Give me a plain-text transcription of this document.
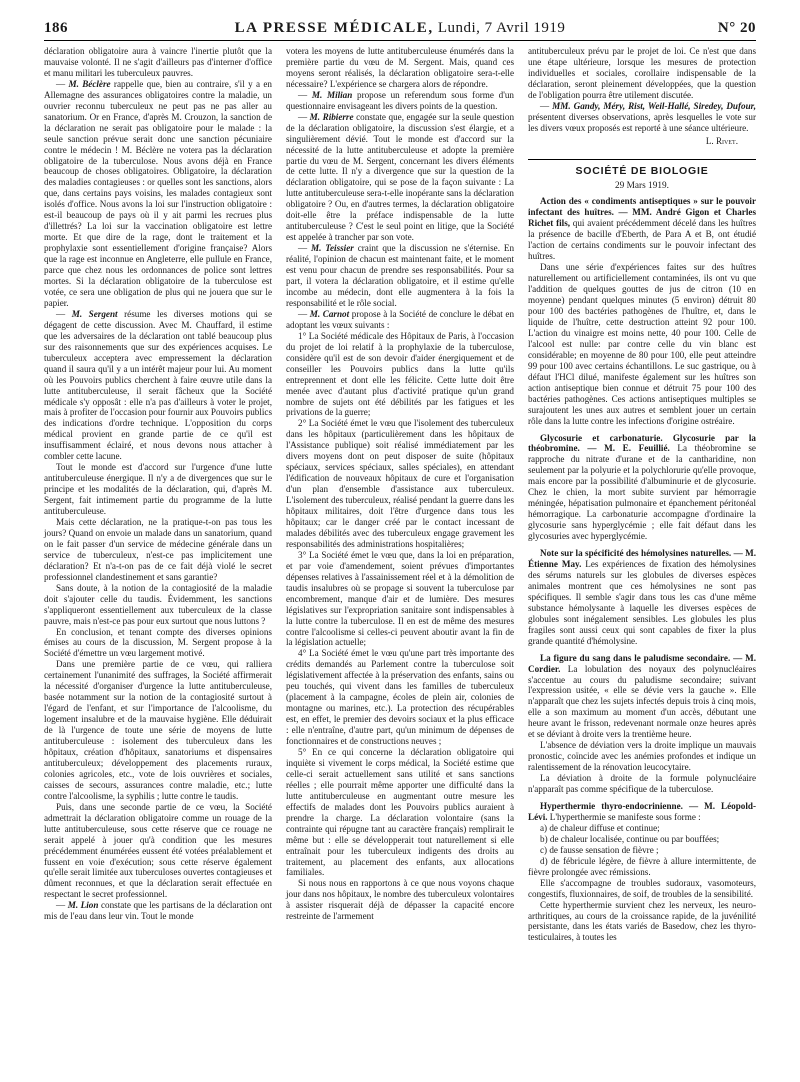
186	LA PRESSE MÉDICALE, Lundi, 7 Avril 1919	N° 20

déclaration obligatoire aura à vaincre l'inertie plutôt que la mauvaise volonté. Il ne s'agit d'ailleurs pas d'interner d'office et manu militari les tuberculeux pauvres.

— M. Béclère rappelle que, bien au contraire, s'il y a en Allemagne des assurances obligatoires contre la maladie, un ouvrier reconnu tuberculeux ne peut pas ne pas aller au sanatorium. Or en France, d'après M. Crouzon, la sanction de la déclaration ne serait pas obligatoire pour le malade : la seule sanction prévue serait donc une sanction pécuniaire contre le médecin ! M. Béclère ne votera pas la déclaration obligatoire de la tuberculose. Nous avons déjà en France beaucoup de choses obligatoires. Obligatoire, la déclaration des maladies contagieuses : or quelles sont les sanctions, alors que, dans certains pays voisins, les malades contagieux sont isolés d'office. Nous avons la loi sur l'instruction obligatoire : est-il beaucoup de pays où il y ait parmi les recrues plus d'illettrés? La loi sur la vaccination obligatoire est lettre morte. Et que dire de la rage, dont le traitement et la prophylaxie sont essentiellement d'origine française? Alors que la rage est inconnue en Angleterre, elle pullule en France, parce que chez nous les ordonnances de police sont lettres mortes. Si la déclaration obligatoire de la tuberculose est votée, ce sera une obligation de plus qui ne jouera que sur le papier.

— M. Sergent résume les diverses motions qui se dégagent de cette discussion. Avec M. Chauffard, il estime que les adversaires de la déclaration ont tablé beaucoup plus sur des raisonnements que sur des expériences acquises. Le tuberculeux acceptera avec empressement la déclaration quand il saura qu'il y a un intérêt majeur pour lui. Au moment où les Pouvoirs publics cherchent à faire œuvre utile dans la lutte antituberculeuse, il serait fâcheux que la Société médicale s'y opposât : elle n'a pas d'ailleurs à voter le projet, mais à profiter de l'occasion pour fournir aux Pouvoirs publics des indications d'ordre technique. L'opposition du corps médical provient en grande partie de ce qu'il est insuffisamment éclairé, et nous devons nous attacher à combler cette lacune.

Tout le monde est d'accord sur l'urgence d'une lutte antituberculeuse énergique. Il n'y a de divergences que sur le principe et les modalités de la déclaration, qui, d'après M. Sergent, fait intimement partie du programme de la lutte antituberculeuse.

Mais cette déclaration, ne la pratique-t-on pas tous les jours? Quand on envoie un malade dans un sanatorium, quand on le fait passer d'un service de médecine générale dans un service de tuberculeux, n'est-ce pas implicitement une déclaration? Et n'a-t-on pas de ce fait déjà violé le secret professionnel clandestinement et sans garantie?

Sans doute, à la notion de la contagiosité de la maladie doit s'ajouter celle du taudis. Évidemment, les sanctions s'appliqueront essentiellement aux tuberculeux de la classe pauvre, mais n'est-ce pas pour eux surtout que nous luttons ?

En conclusion, et tenant compte des diverses opinions émises au cours de la discussion, M. Sergent propose à la Société d'émettre un vœu largement motivé.

Dans une première partie de ce vœu, qui ralliera certainement l'unanimité des suffrages, la Société affirmerait la nécessité d'organiser d'urgence la lutte antituberculeuse, basée notamment sur la notion de la contagiosité surtout à l'égard de l'enfant, et sur l'importance de l'alcoolisme, du logement insalubre et de la mauvaise hygiène. Elle déduirait de là l'urgence de toute une série de moyens de lutte antituberculeuse : isolement des tuberculeux dans les hôpitaux, création d'hôpitaux, sanatoriums et dispensaires antituberculeux; développement des placements ruraux, colonies agricoles, etc., vote de lois ouvrières et sociales, caisses de secours, assurances contre maladie, etc.; lutte contre l'alcoolisme, la syphilis ; lutte contre le taudis.

Puis, dans une seconde partie de ce vœu, la Société admettrait la déclaration obligatoire comme un rouage de la lutte antituberculeuse, sous cette réserve que ce rouage ne serait appelé à jouer qu'à condition que les mesures précédemment énumérées eussent été votées préalablement et fussent en voie d'exécution; sous cette réserve également qu'elle serait limitée aux tuberculoses ouvertes contagieuses et dûment reconnues, et que la déclaration serait effectuée en respectant le secret professionnel.

— M. Lion constate que les partisans de la déclaration ont mis de l'eau dans leur vin. Tout le monde

votera les moyens de lutte antituberculeuse énumérés dans la première partie du vœu de M. Sergent. Mais, quand ces moyens seront réalisés, la déclaration obligatoire sera-t-elle nécessaire? L'expérience se chargera alors de répondre.

— M. Milian propose un referendum sous forme d'un questionnaire envisageant les divers points de la question.

— M. Ribierre constate que, engagée sur la seule question de la déclaration obligatoire, la discussion s'est élargie, et a singulièrement dévié. Tout le monde est d'accord sur la nécessité de la lutte antituberculeuse et adopte la première partie du vœu de M. Sergent, concernant les divers éléments de cette lutte. Il n'y a divergence que sur la question de la déclaration obligatoire, qui se pose de la façon suivante : La lutte antituberculeuse sera-t-elle inopérante sans la déclaration obligatoire ? Ou, en d'autres termes, la déclaration obligatoire doit-elle être la préface indispensable de la lutte antituberculeuse ? C'est le seul point en litige, que la Société est appelée à trancher par son vote.

— M. Teissier craint que la discussion ne s'éternise. En réalité, l'opinion de chacun est maintenant faite, et le moment est venu pour chacun de prendre ses responsabilités. Pour sa part, il votera la déclaration obligatoire, et il estime qu'elle incombe au médecin, dont elle augmentera à la fois la responsabilité et le rôle social.

— M. Carnot propose à la Société de conclure le débat en adoptant les vœux suivants :

1° La Société médicale des Hôpitaux de Paris, à l'occasion du projet de loi relatif à la prophylaxie de la tuberculose, considère qu'il est de son devoir d'aider énergiquement et de conseiller les Pouvoirs publics dans la lutte qu'ils entreprennent et dont elle les félicite. Cette lutte doit être menée avec d'autant plus d'activité pratique qu'un grand nombre de sujets ont été débilités par les fatigues et les privations de la guerre;

2° La Société émet le vœu que l'isolement des tuberculeux dans les hôpitaux (particulièrement dans les hôpitaux de l'Assistance publique) soit réalisé immédiatement par les divers moyens dont on peut disposer de suite (hôpitaux spéciaux, services spéciaux, salles spéciales), en attendant l'édification de nouveaux hôpitaux de cure et l'organisation d'un plan d'ensemble d'assistance aux tuberculeux. L'isolement des tuberculeux, réalisé pendant la guerre dans les hôpitaux militaires, doit l'être d'urgence dans tous les hôpitaux; car le danger créé par le contact incessant de malades débilités avec des tuberculeux engage gravement les responsabilités des administrations hospitalières;

3° La Société émet le vœu que, dans la loi en préparation, et par voie d'amendement, soient prévues d'importantes dépenses relatives à l'assainissement réel et à la démolition de taudis insalubres où se propage si souvent la tuberculose par encombrement, manque d'air et de lumière. Des mesures législatives sur l'expropriation sanitaire sont indispensables à la lutte contre la tuberculose. Il en est de même des mesures contre l'alcoolisme si celles-ci peuvent aboutir avant la fin de la législation actuelle;

4° La Société émet le vœu qu'une part très importante des crédits demandés au Parlement contre la tuberculose soit législativement affectée à la préservation des enfants, sains ou peu touchés, qui vivent dans les familles de tuberculeux (placement à la campagne, écoles de plein air, colonies de montagne ou marines, etc.). La protection des récupérables est, en effet, le premier des devoirs sociaux et la plus efficace : elle n'entraîne, d'autre part, qu'un minimum de dépenses de fonctionnaires et de constructions neuves ;

5° En ce qui concerne la déclaration obligatoire qui inquiète si vivement le corps médical, la Société estime que celle-ci serait actuellement sans utilité et sans sanctions réelles ; elle pourrait même apporter une difficulté dans la lutte antituberculeuse en augmentant outre mesure les effectifs de malades dont les Pouvoirs publics auraient à prendre la charge. La déclaration volontaire (sans la contrainte qui répugne tant au caractère français) remplirait le même but : elle se développerait tout naturellement si elle entraînait pour les tuberculeux indigents des droits au traitement, au placement des enfants, aux allocations familiales.

Si nous nous en rapportons à ce que nous voyons chaque jour dans nos hôpitaux, le nombre des tuberculeux volontaires à assister risquerait déjà de dépasser la capacité encore restreinte de l'armement

antituberculeux prévu par le projet de loi. Ce n'est que dans une étape ultérieure, lorsque les mesures de protection individuelles et sociales, corollaire indispensable de la déclaration, seront pleinement développées, que la question de l'obligation pourra être utilement discutée.

— MM. Gandy, Méry, Rist, Weil-Hallé, Siredey, Dufour, présentent diverses observations, après lesquelles le vote sur les divers vœux proposés est reporté à une séance ultérieure.

L. Rivet.

SOCIÉTÉ DE BIOLOGIE

29 Mars 1919.

Action des « condiments antiseptiques » sur le pouvoir infectant des huîtres. — MM. André Gigon et Charles Richet fils, qui avaient précédemment décelé dans les huîtres la présence de bacille d'Eberth, de Para A et B, ont étudié l'action de certains condiments sur le pouvoir infectant des huîtres.

Dans une série d'expériences faites sur des huîtres naturellement ou artificiellement contaminées, ils ont vu que l'addition de quelques gouttes de jus de citron (10 en moyenne) pendant quelques minutes (5 environ) détruit 80 pour 100 des bactéries pathogènes de l'huître, et, dans le liquide de l'huître, cette destruction atteint 92 pour 100. L'action du vinaigre est moins nette, 40 pour 100. Celle de l'alcool est nulle: par contre celle du vin blanc est considérable; en moyenne de 80 pour 100, elle peut atteindre 99 pour 100 avec certains échantillons. Le suc gastrique, ou à défaut l'HCl dilué, manifeste également sur les huîtres son action antiseptique bien connue et détruit 75 pour 100 des bactéries pathogènes. Ces actions antiseptiques multiples se surajoutent les unes aux autres et semblent jouer un certain rôle dans la lutte contre les infections d'origine ostréaire.

Glycosurie et carbonaturie. Glycosurie par la théobromine. — M. E. Feuillié. La théobromine se rapproche du nitrate d'urane et de la cantharidine, non seulement par la polyurie et la polychlorurie qu'elle provoque, mais encore par la possibilité d'albuminurie et de glycosurie. Chez le chien, la mort subite survient par hémorragie méningée, hépatisation pulmonaire et épanchement péritonéal hémorragique. La carbonaturie accompagne d'ordinaire la glycosurie sans hyperglycémie ; elle fait défaut dans les glycosuries avec hyperglycémie.

Note sur la spécificité des hémolysines naturelles. — M. Étienne May. Les expériences de fixation des hémolysines des sérums naturels sur les globules de diverses espèces animales montrent que ces hémolysines ne sont pas spécifiques. Il semble s'agir dans tous les cas d'une même substance hémolysante à laquelle les diverses espèces de globules sont inégalement sensibles. Les globules les plus fragiles sont aussi ceux qui sont capables de fixer la plus grande quantité d'hémolysine.

La figure du sang dans le paludisme secondaire. — M. Cordier. La lobulation des noyaux des polynucléaires s'accentue au cours du paludisme secondaire; suivant l'expression usitée, « elle se dévie vers la gauche ». Elle n'apparaît que chez les sujets infectés depuis trois à cinq mois, elle a son maximum au moment d'un accès, débutant une heure avant le frisson, redevenant normale onze heures après et se déviant à droite vers la trentième heure.

L'absence de déviation vers la droite implique un mauvais pronostic, coïncide avec les anémies profondes et indique un ralentissement de la rénovation leucocytaire.

La déviation à droite de la formule polynucléaire n'apparaît pas comme spécifique de la tuberculose.

Hyperthermie thyro-endocrinienne. — M. Léopold-Lévi. L'hyperthermie se manifeste sous forme :

a) de chaleur diffuse et continue;

b) de chaleur localisée, continue ou par bouffées;

c) de fausse sensation de fièvre ;

d) de fébricule légère, de fièvre à allure intermittente, de fièvre prolongée avec rémissions.

Elle s'accompagne de troubles sudoraux, vasomoteurs, congestifs, fluxionnaires, de soif, de troubles de la sensibilité.

Cette hyperthermie survient chez les nerveux, les neuro-arthritiques, au cours de la croissance rapide, de la juvénilité persistante, dans les états variés de Basedow, chez les thyro-testiculaires, à toutes les
